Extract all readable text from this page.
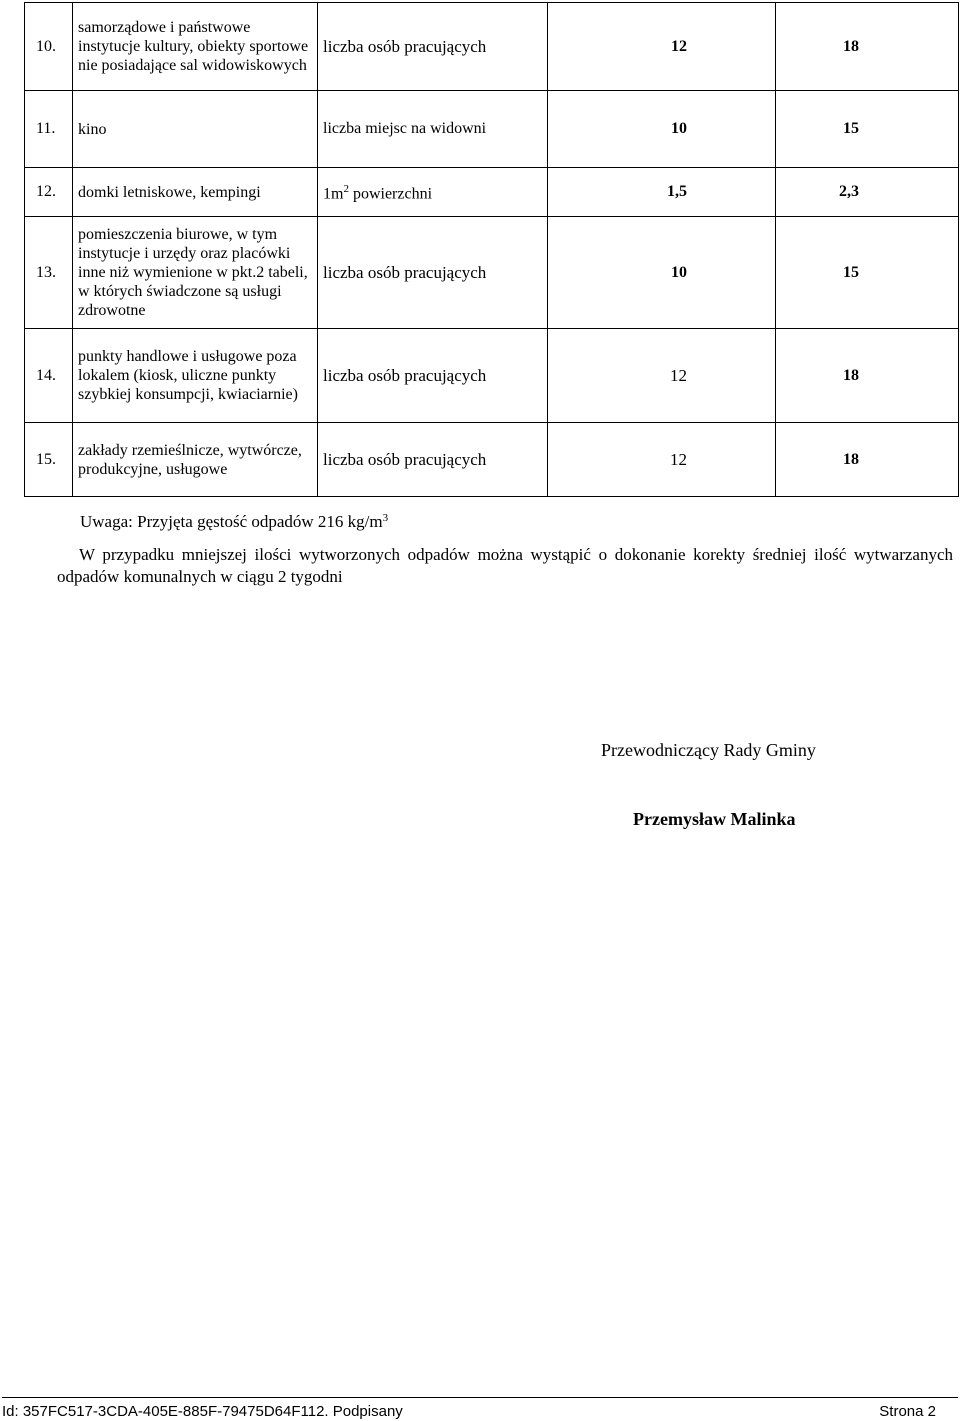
10.	samorządowe i państwowe instytucje kultury, obiekty sportowe nie posiadające sal widowiskowych	liczba osób pracujących	12	18
11.	kino	liczba miejsc na widowni	10	15
12.	domki letniskowe, kempingi	$1m^2$ powierzchni	1,5	2,3
13.	pomieszczenia biurowe, w tym instytucje i urzędy oraz placówki inne niż wymienione w pkt.2 tabeli, w których świadczone są usługi zdrowotne	liczba osób pracujących	10	15
14.	punkty handlowe i usługowe poza lokalem (kiosk, uliczne punkty szybkiej konsumpcji, kwiaciarnie)	liczba osób pracujących	12	18
15.	zakłady rzemieślnicze, wytwórcze, produkcyjne, usługowe	liczba osób pracujących	12	18
Uwaga: Przyjęta gęstość odpadów 216 $kg/m^3$
W przypadku mniejszej ilości wytworzonych odpadów można wystąpić o dokonanie korekty średniej ilość wytwarzanych odpadów komunalnych w ciągu 2 tygodni
Przewodniczący Rady Gminy
Przemysław Malinka
Id: 357FC517-3CDA-405E-885F-79475D64F112. Podpisany	Strona 2
